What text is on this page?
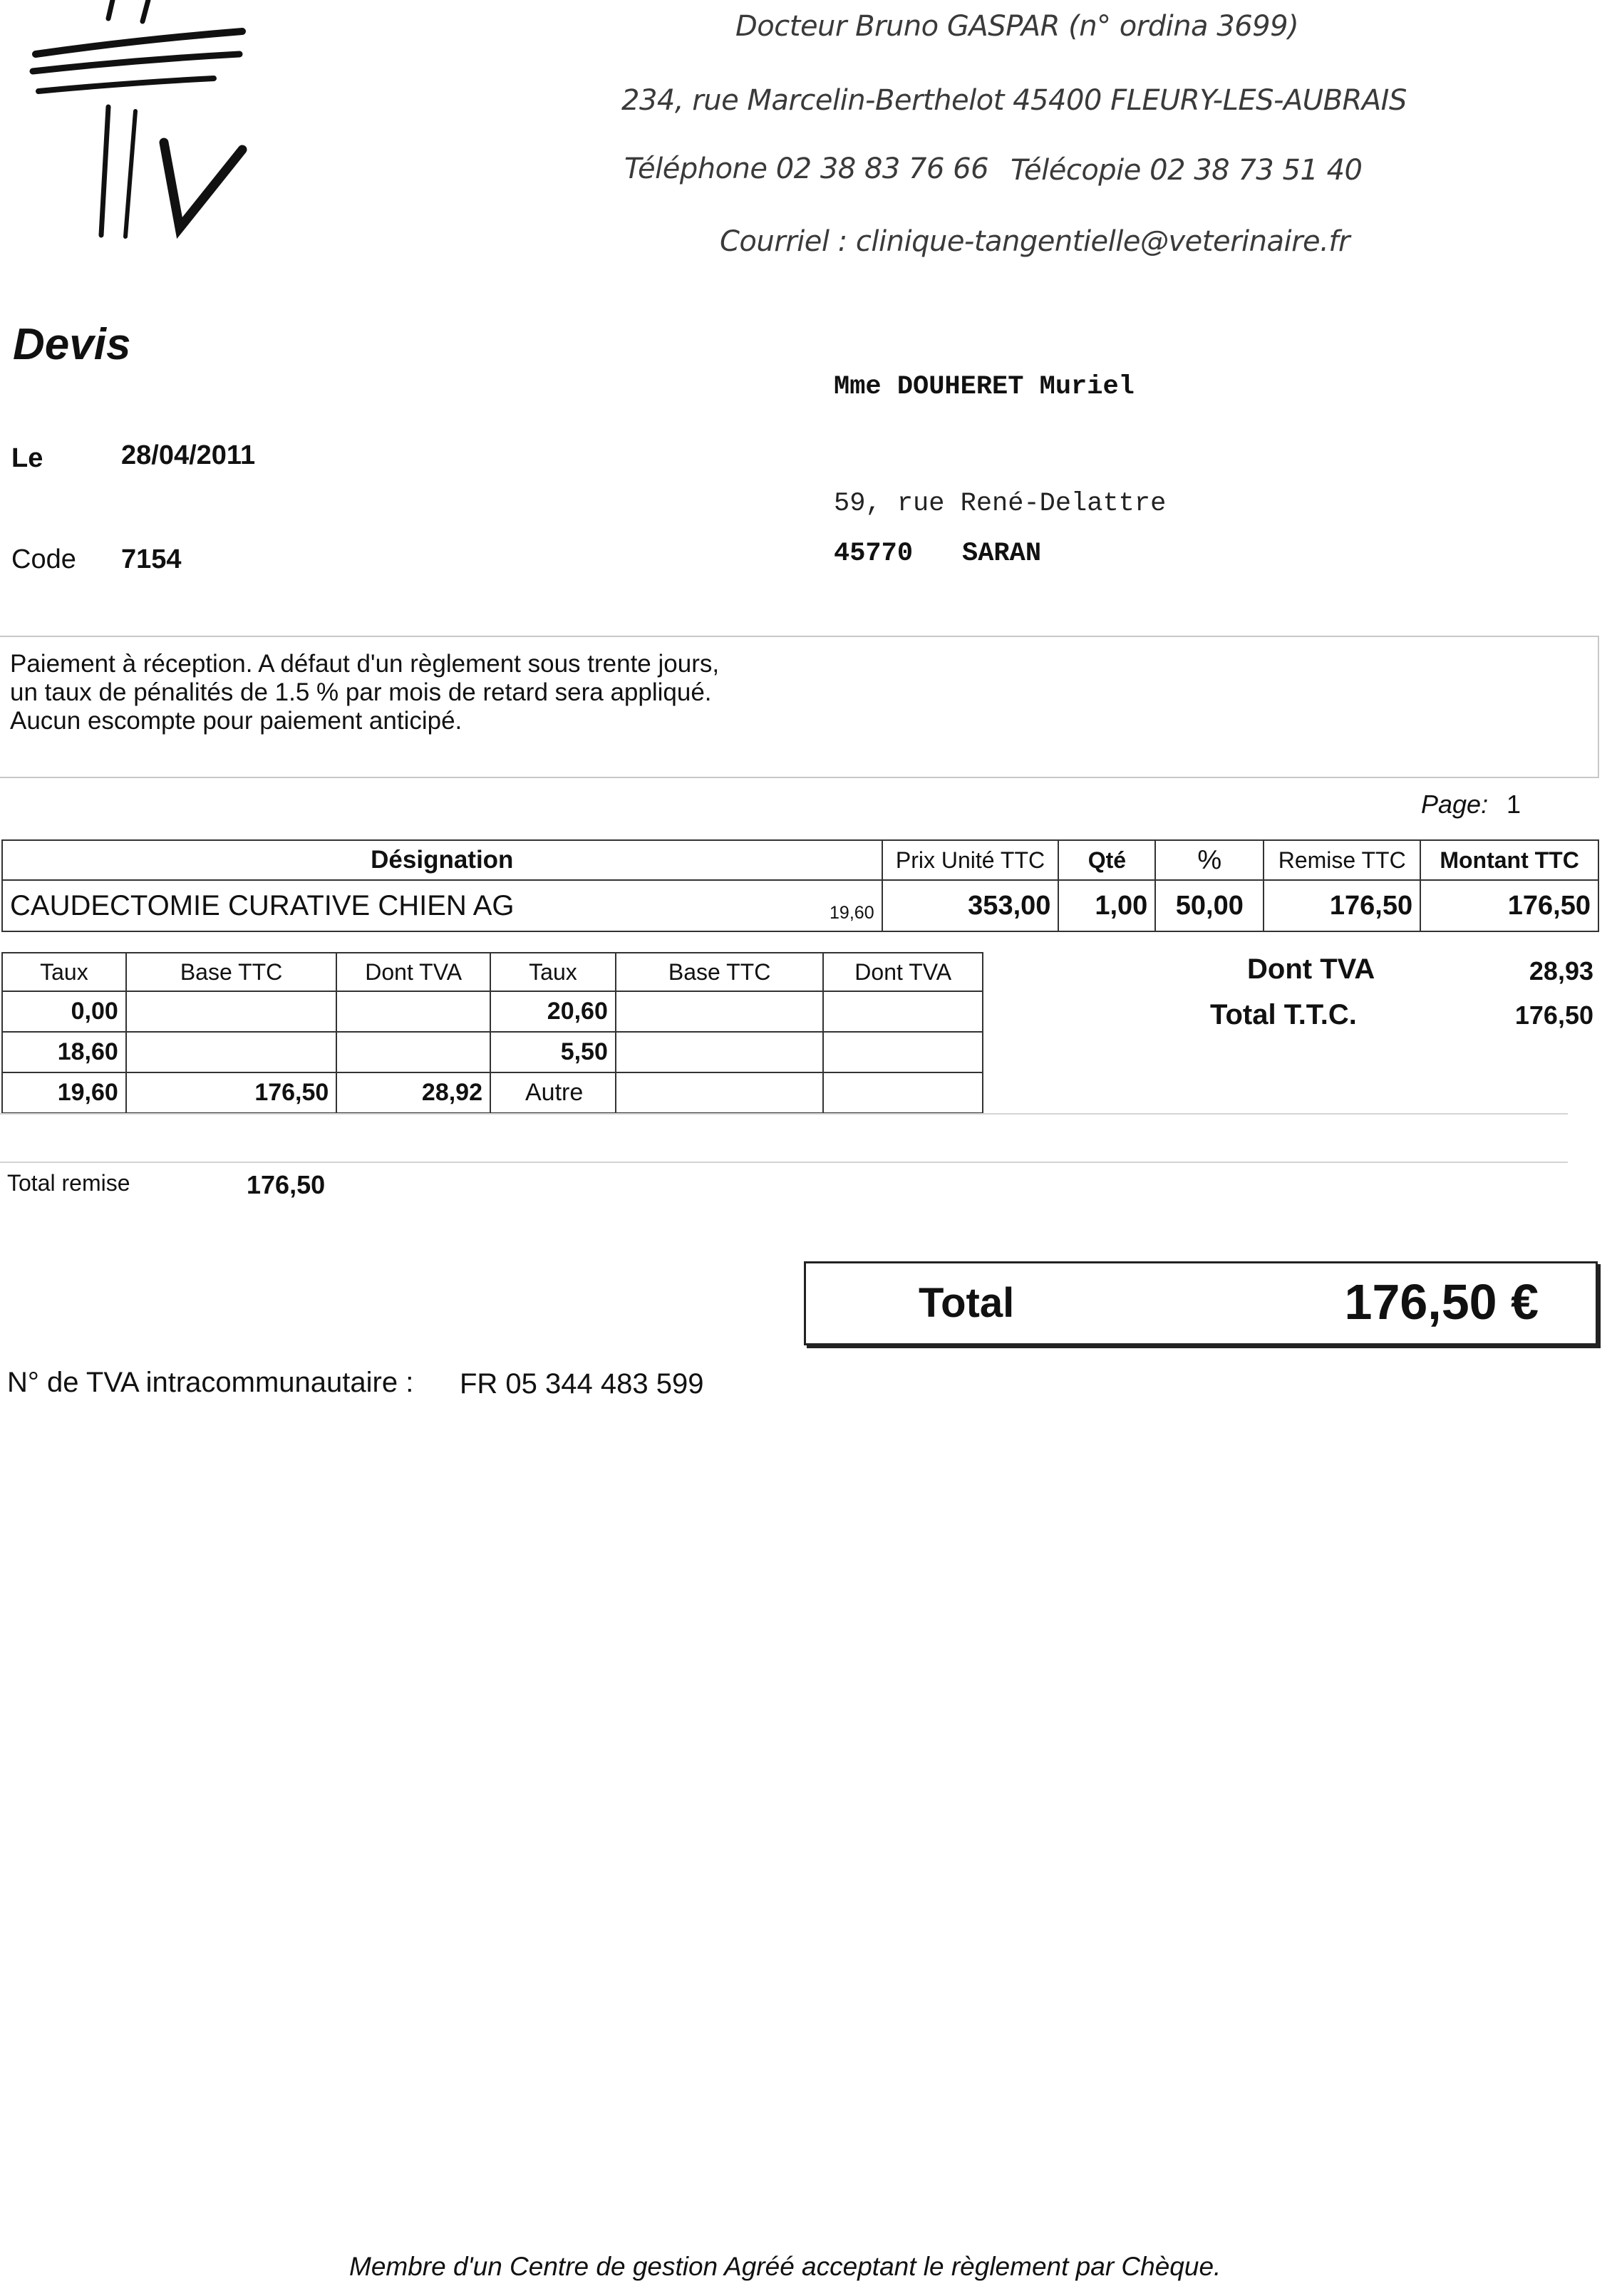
Docteur Bruno GASPAR (n° ordina 3699)
234, rue Marcelin-Berthelot 45400 FLEURY-LES-AUBRAIS
Téléphone 02 38 83 76 66 Télécopie 02 38 73 51 40
Courriel : clinique-tangentielle@veterinaire.fr
Devis
Le	28/04/2011
Code 7154
Mme DOUHERET Muriel
59, rue René-Delattre
45770 SARAN
Paiement à réception. A défaut d'un règlement sous trente jours,
un taux de pénalités de 1.5 % par mois de retard sera appliqué.
Aucun escompte pour paiement anticipé.
Page: 1
Désignation		Prix Unité TTC	Qté	%	Remise TTC	Montant TTC
CAUDECTOMIE CURATIVE CHIEN AG	19,60	353,00	1,00	50,00	176,50	176,50
Taux	Base TTC	Dont TVA	Taux	Base TTC	Dont TVA
0,00			20,60		
18,60			5,50		
19,60	176,50	28,92	Autre		
Dont TVA	28,93
Total T.T.C.	176,50
Total remise	176,50
Total	176,50 €
N° de TVA intracommunautaire : FR 05 344 483 599
Membre d'un Centre de gestion Agréé acceptant le règlement par Chèque.
